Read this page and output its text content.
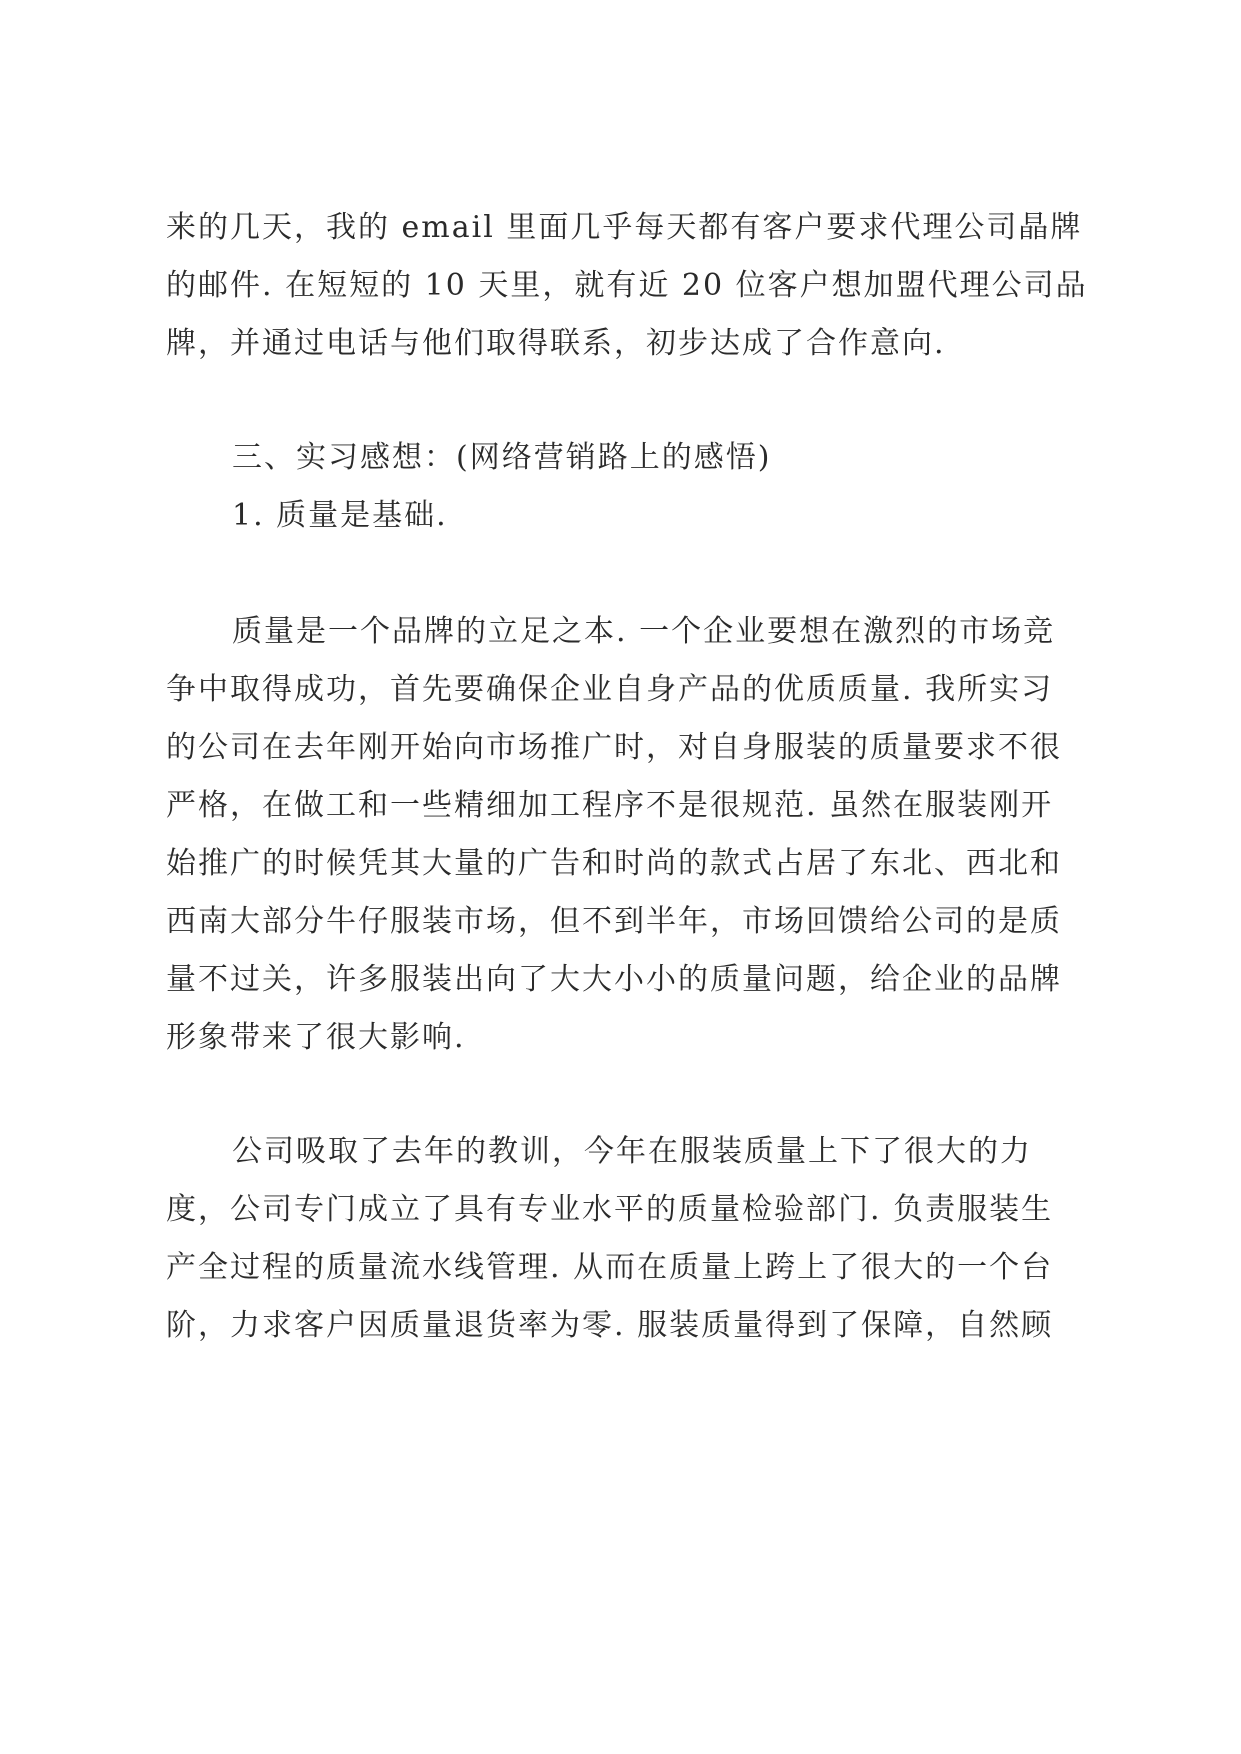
来的几天，我的 email 里面几乎每天都有客户要求代理公司晶牌
的邮件. 在短短的 10 天里，就有近 20 位客户想加盟代理公司品
牌，并通过电话与他们取得联系，初步达成了合作意向.
三、实习感想：(网络营销路上的感悟)
1. 质量是基础.
质量是一个品牌的立足之本. 一个企业要想在激烈的市场竞
争中取得成功，首先要确保企业自身产品的优质质量. 我所实习
的公司在去年刚开始向市场推广时，对自身服装的质量要求不很
严格，在做工和一些精细加工程序不是很规范. 虽然在服装刚开
始推广的时候凭其大量的广告和时尚的款式占居了东北、西北和
西南大部分牛仔服装市场，但不到半年，市场回馈给公司的是质
量不过关，许多服装出向了大大小小的质量问题，给企业的品牌
形象带来了很大影响.
公司吸取了去年的教训，今年在服装质量上下了很大的力
度，公司专门成立了具有专业水平的质量检验部门. 负责服装生
产全过程的质量流水线管理. 从而在质量上跨上了很大的一个台
阶，力求客户因质量退货率为零. 服装质量得到了保障，自然顾
